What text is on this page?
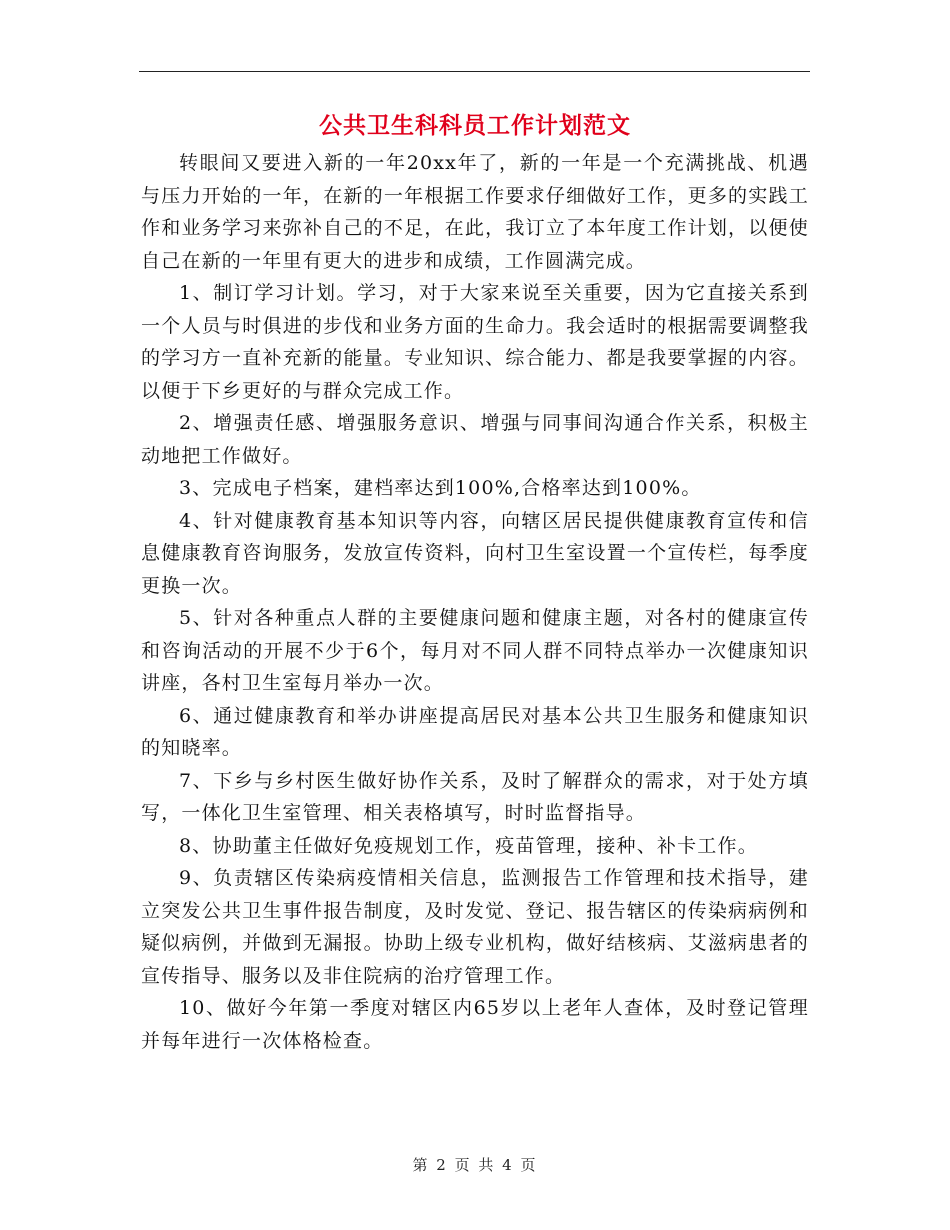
公共卫生科科员工作计划范文

转眼间又要进入新的一年20xx年了，新的一年是一个充满挑战、机遇与压力开始的一年，在新的一年根据工作要求仔细做好工作，更多的实践工作和业务学习来弥补自己的不足，在此，我订立了本年度工作计划，以便使自己在新的一年里有更大的进步和成绩，工作圆满完成。

1、制订学习计划。学习，对于大家来说至关重要，因为它直接关系到一个人员与时俱进的步伐和业务方面的生命力。我会适时的根据需要调整我的学习方一直补充新的能量。专业知识、综合能力、都是我要掌握的内容。以便于下乡更好的与群众完成工作。

2、增强责任感、增强服务意识、增强与同事间沟通合作关系，积极主动地把工作做好。

3、完成电子档案，建档率达到100%,合格率达到100%。

4、针对健康教育基本知识等内容，向辖区居民提供健康教育宣传和信息健康教育咨询服务，发放宣传资料，向村卫生室设置一个宣传栏，每季度更换一次。

5、针对各种重点人群的主要健康问题和健康主题，对各村的健康宣传和咨询活动的开展不少于6个，每月对不同人群不同特点举办一次健康知识讲座，各村卫生室每月举办一次。

6、通过健康教育和举办讲座提高居民对基本公共卫生服务和健康知识的知晓率。

7、下乡与乡村医生做好协作关系，及时了解群众的需求，对于处方填写，一体化卫生室管理、相关表格填写，时时监督指导。

8、协助董主任做好免疫规划工作，疫苗管理，接种、补卡工作。

9、负责辖区传染病疫情相关信息，监测报告工作管理和技术指导，建立突发公共卫生事件报告制度，及时发觉、登记、报告辖区的传染病病例和疑似病例，并做到无漏报。协助上级专业机构，做好结核病、艾滋病患者的宣传指导、服务以及非住院病的治疗管理工作。

10、做好今年第一季度对辖区内65岁以上老年人查体，及时登记管理并每年进行一次体格检查。

第 2 页 共 4 页
